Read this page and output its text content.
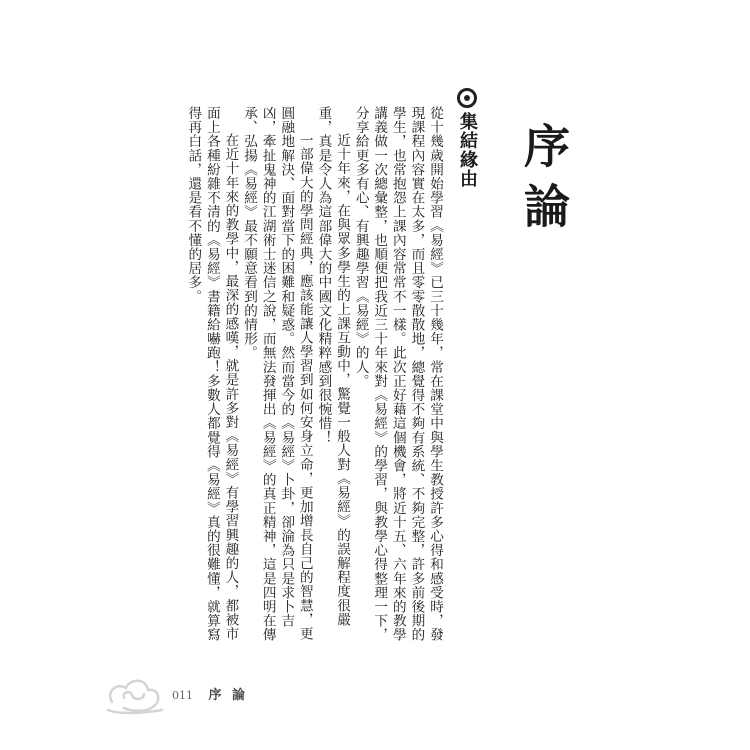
序論
集結緣由

從十幾歲開始學習《易經》已三十幾年，常在課堂中與學生教授許多心得和感受時，發現課程內容實在太多，而且零零散散地，總覺得不夠有系統、不夠完整，許多前後期的學生，也常抱怨上課內容常常不一樣。此次正好藉這個機會，將近十五、六年來的教學講義做一次總彙整，也順便把我近三十年來對《易經》的學習，與教學心得整理一下，分享給更多有心、有興趣學習《易經》的人。

近十年來，在與眾多學生的上課互動中，驚覺一般人對《易經》的誤解程度很嚴重，真是令人為這部偉大的中國文化精粹感到很惋惜！

一部偉大的學問經典，應該能讓人學習到如何安身立命，更加增長自己的智慧，更圓融地解決、面對當下的困難和疑惑。然而當今的《易經》卜卦，卻淪為只是求卜吉凶，牽扯鬼神的江湖術士迷信之說，而無法發揮出《易經》的真正精神，這是四明在傳承、弘揚《易經》最不願意看到的情形。

在近十年來的教學中，最深的感嘆，就是許多對《易經》有學習興趣的人，都被市面上各種紛雜不清的《易經》書籍給嚇跑！多數人都覺得《易經》真的很難懂，就算寫得再白話，還是看不懂的居多。

011 序 論
